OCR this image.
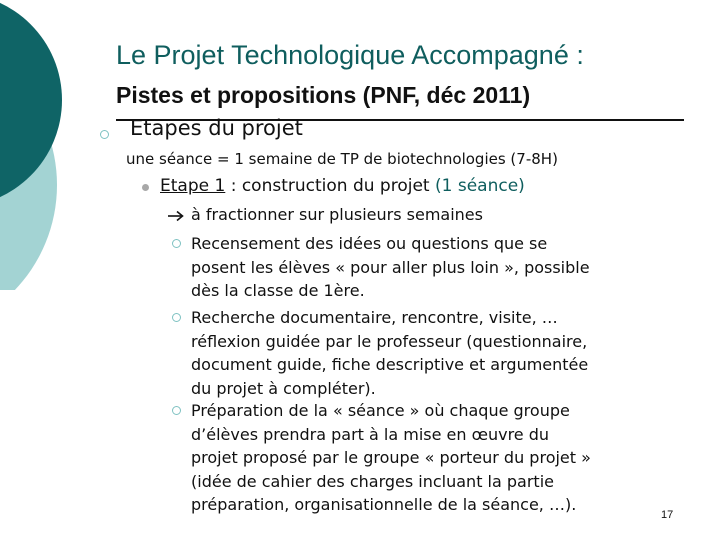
Le Projet Technologique Accompagné :
Pistes et propositions (PNF, déc 2011)
Etapes du projet
une séance = 1 semaine de TP de biotechnologies (7-8H)
Etape 1 : construction du projet (1 séance)
à fractionner sur plusieurs semaines
Recensement des idées ou questions que se
posent les élèves « pour aller plus loin », possible
dès la classe de 1ère.
Recherche documentaire, rencontre, visite, …
réflexion guidée par le professeur (questionnaire,
document guide, fiche descriptive et argumentée
du projet à compléter).
Préparation de la « séance » où chaque groupe
d’élèves prendra part à la mise en œuvre du
projet proposé par le groupe « porteur du projet »
(idée de cahier des charges incluant la partie
préparation, organisationnelle de la séance, …).
17
